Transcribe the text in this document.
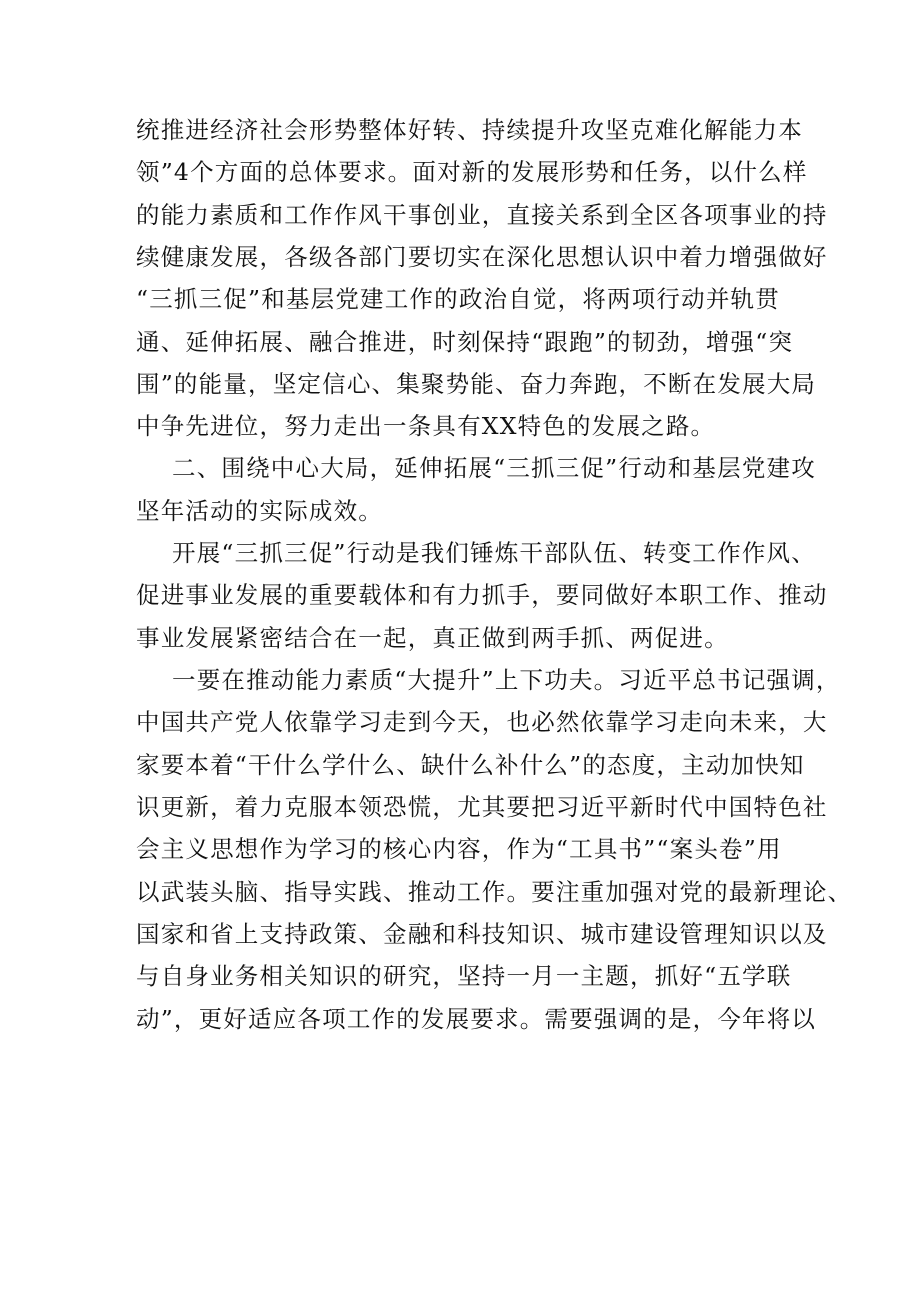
统推进经济社会形势整体好转、持续提升攻坚克难化解能力本
领”4个方面的总体要求。面对新的发展形势和任务，以什么样
的能力素质和工作作风干事创业，直接关系到全区各项事业的持
续健康发展，各级各部门要切实在深化思想认识中着力增强做好
“三抓三促”和基层党建工作的政治自觉，将两项行动并轨贯
通、延伸拓展、融合推进，时刻保持“跟跑”的韧劲，增强“突
围”的能量，坚定信心、集聚势能、奋力奔跑，不断在发展大局
中争先进位，努力走出一条具有XX特色的发展之路。
二、围绕中心大局，延伸拓展“三抓三促”行动和基层党建攻
坚年活动的实际成效。
开展“三抓三促”行动是我们锤炼干部队伍、转变工作作风、
促进事业发展的重要载体和有力抓手，要同做好本职工作、推动
事业发展紧密结合在一起，真正做到两手抓、两促进。
一要在推动能力素质“大提升”上下功夫。习近平总书记强调，
中国共产党人依靠学习走到今天，也必然依靠学习走向未来，大
家要本着“干什么学什么、缺什么补什么”的态度，主动加快知
识更新，着力克服本领恐慌，尤其要把习近平新时代中国特色社
会主义思想作为学习的核心内容，作为“工具书”“案头卷”用
以武装头脑、指导实践、推动工作。要注重加强对党的最新理论、
国家和省上支持政策、金融和科技知识、城市建设管理知识以及
与自身业务相关知识的研究，坚持一月一主题，抓好“五学联
动”，更好适应各项工作的发展要求。需要强调的是，今年将以
